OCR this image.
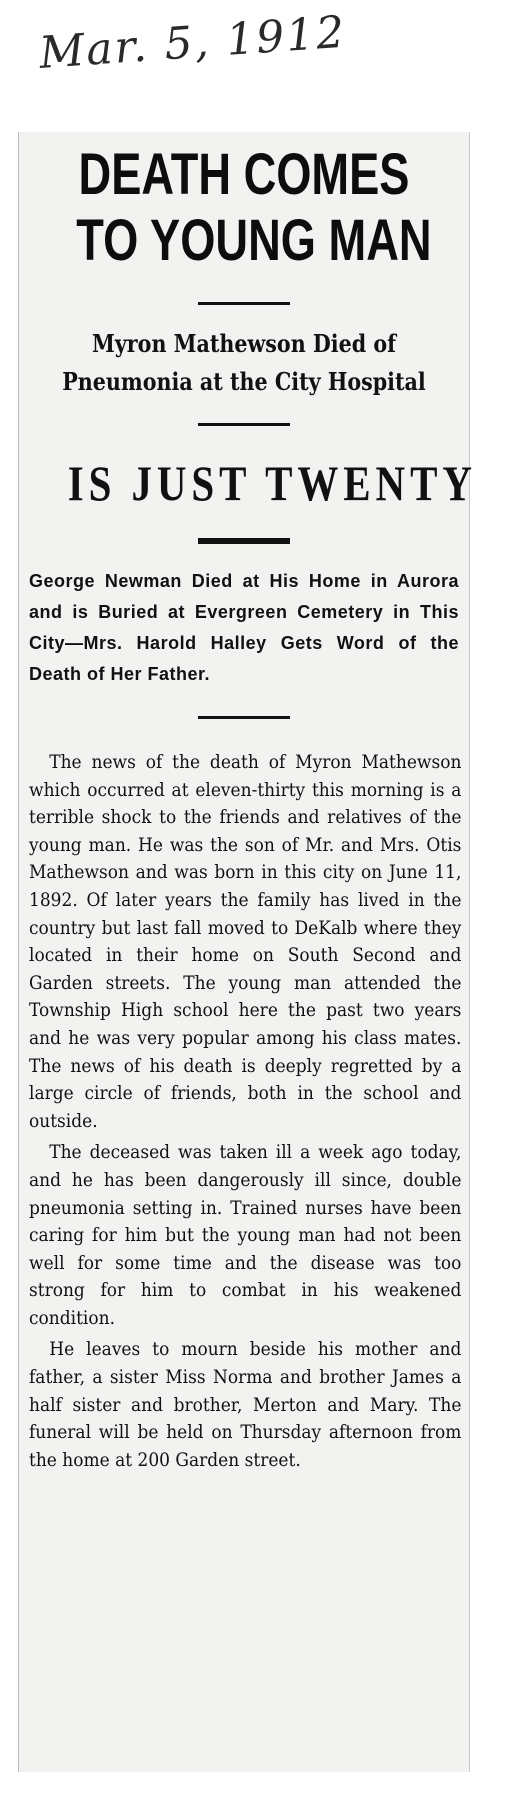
Mar. 5, 1912
DEATH COMES
TO YOUNG MAN
Myron Mathewson Died of Pneumonia at the City Hospital
IS JUST TWENTY
George Newman Died at His Home in Aurora and is Buried at Evergreen Cemetery in This City—Mrs. Harold Halley Gets Word of the Death of Her Father.

The news of the death of Myron Mathewson which occurred at eleven-thirty this morning is a terrible shock to the friends and relatives of the young man. He was the son of Mr. and Mrs. Otis Mathewson and was born in this city on June 11, 1892. Of later years the family has lived in the country but last fall moved to DeKalb where they located in their home on South Second and Garden streets. The young man attended the Township High school here the past two years and he was very popular among his class mates. The news of his death is deeply regretted by a large circle of friends, both in the school and outside.

The deceased was taken ill a week ago today, and he has been dangerously ill since, double pneumonia setting in. Trained nurses have been caring for him but the young man had not been well for some time and the disease was too strong for him to combat in his weakened condition.

He leaves to mourn beside his mother and father, a sister Miss Norma and brother James a half sister and brother, Merton and Mary. The funeral will be held on Thursday afternoon from the home at 200 Garden street.
